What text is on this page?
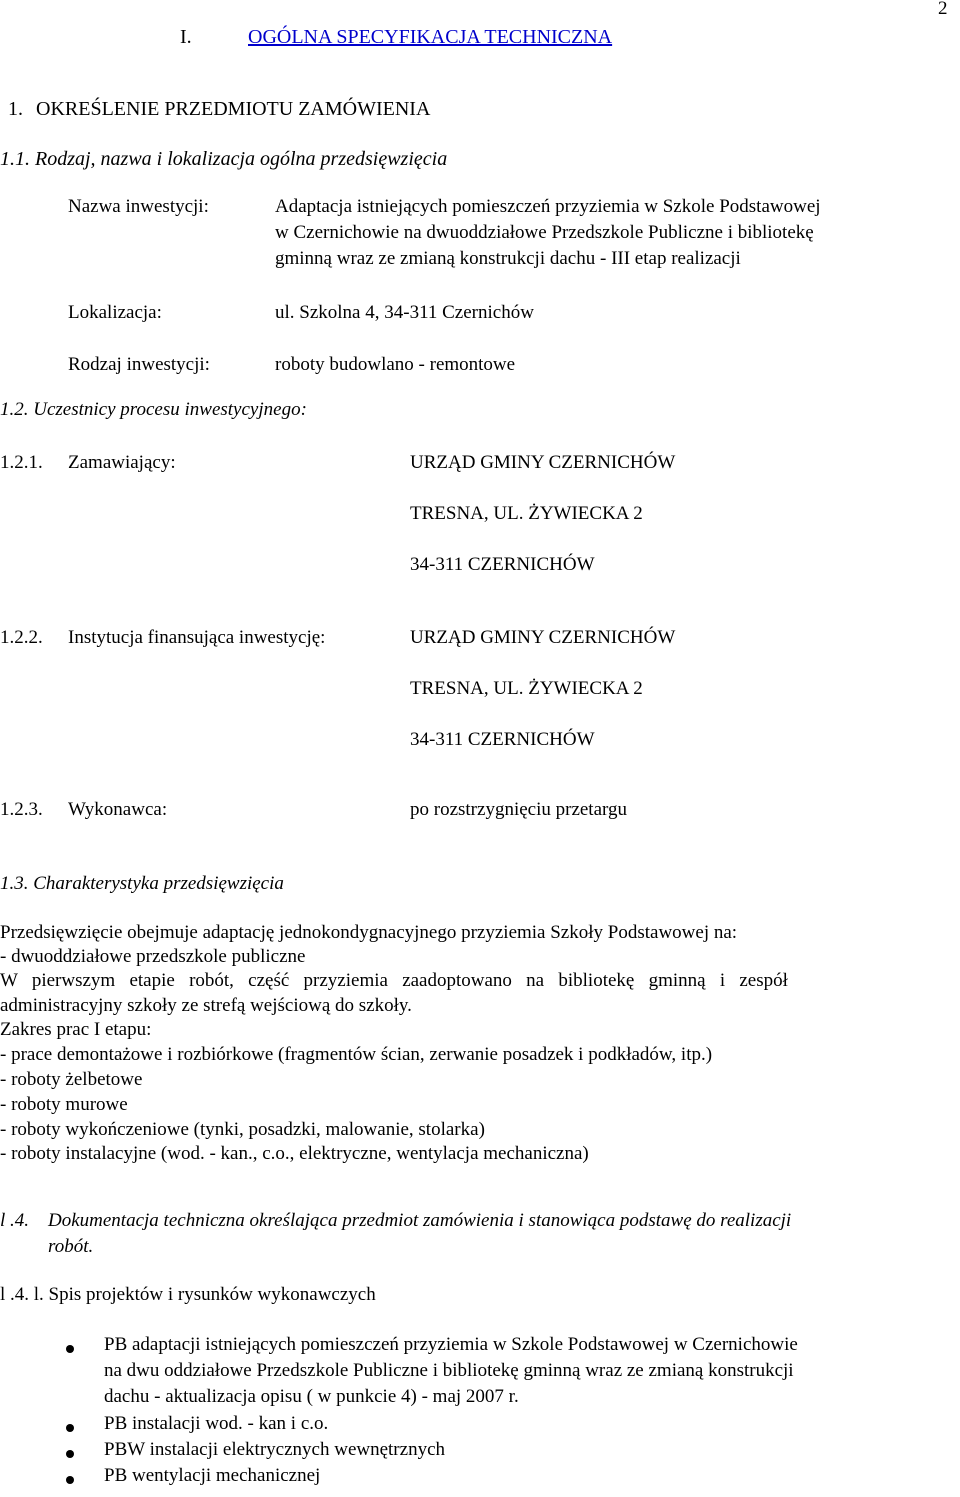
2
I.	OGÓLNA SPECYFIKACJA TECHNICZNA
1. OKREŚLENIE PRZEDMIOTU ZAMÓWIENIA
1.1. Rodzaj, nazwa i lokalizacja ogólna przedsięwzięcia
Nazwa inwestycji:	Adaptacja istniejących pomieszczeń przyziemia w Szkole Podstawowej
w Czernichowie na dwuoddziałowe Przedszkole Publiczne i bibliotekę
gminną wraz ze zmianą konstrukcji dachu - III etap realizacji
Lokalizacja:	ul. Szkolna 4, 34-311 Czernichów
Rodzaj inwestycji:	roboty budowlano - remontowe
1.2. Uczestnicy procesu inwestycyjnego:
1.2.1. Zamawiający:	URZĄD GMINY CZERNICHÓW
TRESNA, UL. ŻYWIECKA 2
34-311 CZERNICHÓW
1.2.2. Instytucja finansująca inwestycję:	URZĄD GMINY CZERNICHÓW
TRESNA, UL. ŻYWIECKA 2
34-311 CZERNICHÓW
1.2.3. Wykonawca:	po rozstrzygnięciu przetargu
1.3. Charakterystyka przedsięwzięcia
Przedsięwzięcie obejmuje adaptację jednokondygnacyjnego przyziemia Szkoły Podstawowej na:
- dwuoddziałowe przedszkole publiczne
W pierwszym etapie robót, część przyziemia zaadoptowano na bibliotekę gminną i zespół
administracyjny szkoły ze strefą wejściową do szkoły.
Zakres prac I etapu:
- prace demontażowe i rozbiórkowe (fragmentów ścian, zerwanie posadzek i podkładów, itp.)
- roboty żelbetowe
- roboty murowe
- roboty wykończeniowe (tynki, posadzki, malowanie, stolarka)
- roboty instalacyjne (wod. - kan., c.o., elektryczne, wentylacja mechaniczna)
l .4. Dokumentacja techniczna określająca przedmiot zamówienia i stanowiąca podstawę do realizacji
robót.
l .4. l. Spis projektów i rysunków wykonawczych
PB adaptacji istniejących pomieszczeń przyziemia w Szkole Podstawowej w Czernichowie
na dwu oddziałowe Przedszkole Publiczne i bibliotekę gminną wraz ze zmianą konstrukcji
dachu - aktualizacja opisu ( w punkcie 4) - maj 2007 r.
PB instalacji wod. - kan i c.o.
PBW instalacji elektrycznych wewnętrznych
PB wentylacji mechanicznej
